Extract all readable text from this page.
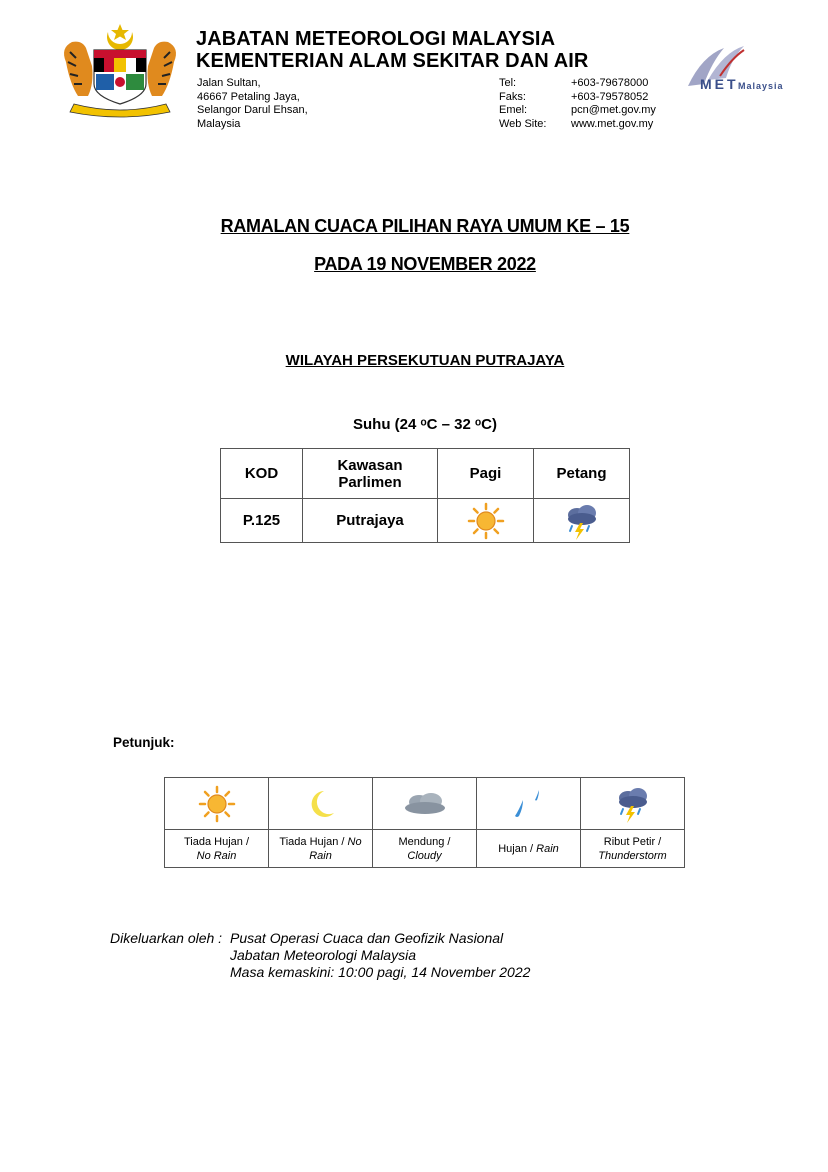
JABATAN METEOROLOGI MALAYSIA
KEMENTERIAN ALAM SEKITAR DAN AIR
Jalan Sultan,
46667 Petaling Jaya,
Selangor Darul Ehsan,
Malaysia
Tel:	+603-79678000
Faks:	+603-79578052
Emel:	pcn@met.gov.my
Web Site:	www.met.gov.my
MET Malaysia
RAMALAN CUACA PILIHAN RAYA UMUM KE – 15
PADA 19 NOVEMBER 2022
WILAYAH PERSEKUTUAN PUTRAJAYA
Suhu (24 ᵒC – 32 ᵒC)
KOD	Kawasan
Parlimen	Pagi	Petang
P.125	Putrajaya		
Petunjuk:

Tiada Hujan /
No Rain	Tiada Hujan / No
Rain	Mendung /
Cloudy	Hujan / Rain	Ribut Petir /
Thunderstorm
Dikeluarkan oleh : Pusat Operasi Cuaca dan Geofizik Nasional
Jabatan Meteorologi Malaysia
Masa kemaskini: 10:00 pagi, 14 November 2022
